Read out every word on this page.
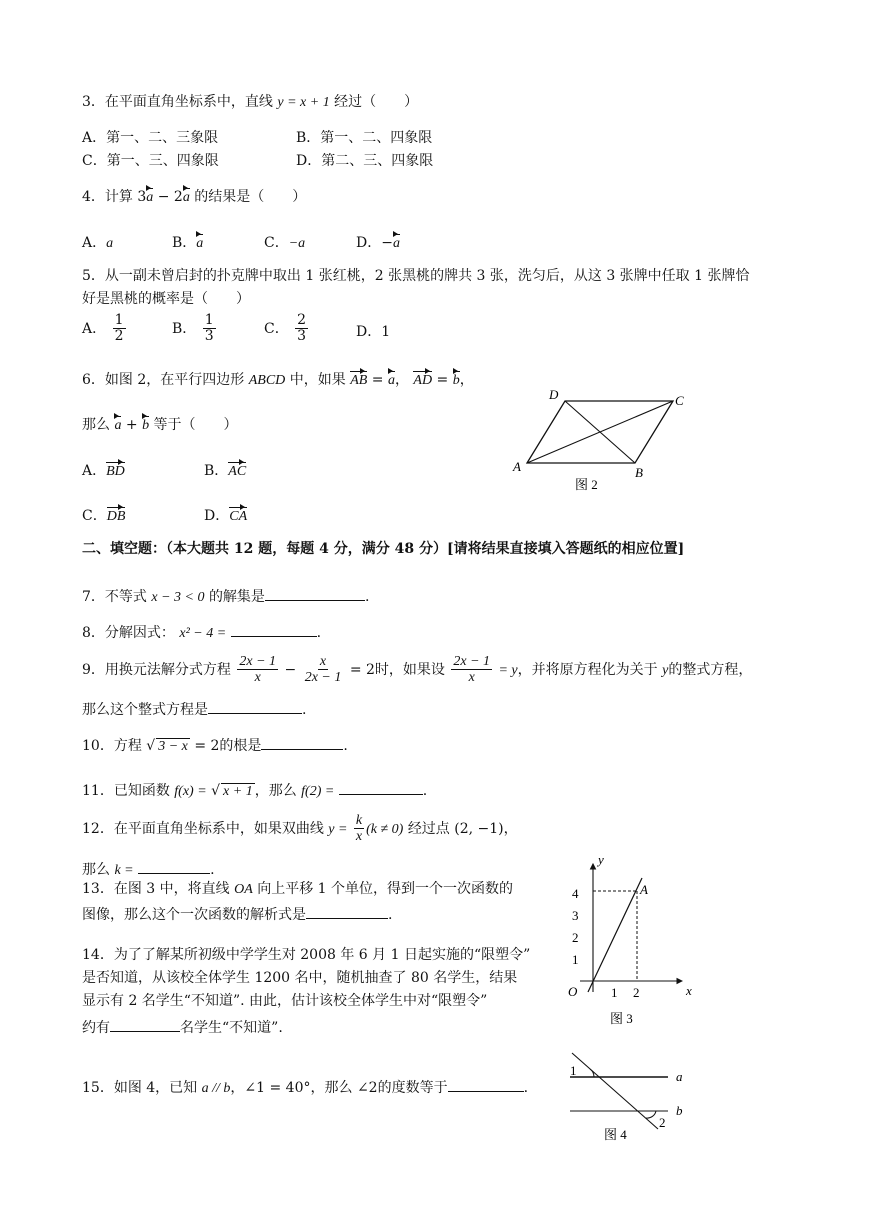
3．在平面直角坐标系中，直线 y = x + 1 经过（　　）
A．第一、二、三象限	B．第一、二、四象限
C．第一、三、四象限	D．第二、三、四象限
4．计算 3a − 2a 的结果是（　　）
A．a	B．a	C．−a	D．−a
5．从一副未曾启封的扑克牌中取出 1 张红桃，2 张黑桃的牌共 3 张，洗匀后，从这 3 张牌中任取 1 张牌恰
好是黑桃的概率是（　　）
A． $\frac{1}{2}$	B． $\frac{1}{3}$	C． $\frac{2}{3}$	D．1
6．如图 2，在平行四边形 ABCD 中，如果 AB = a， AD = b，
那么 a + b 等于（　　）
A．BD	B．AC
C．DB	D．CA
D	C
A	B
图 2
二、填空题：（本大题共 12 题，每题 4 分，满分 48 分）[请将结果直接填入答题纸的相应位置]
7．不等式 x − 3 < 0 的解集是	.
8．分解因式： x² − 4 =	.
9．用换元法解分式方程 $\frac{2x - 1}{x} - \frac{x}{2x - 1} = 2$时，如果设 $\frac{2x - 1}{x} = y$，并将原方程化为关于 y的整式方程，
那么这个整式方程是	.
10．方程 √ 3 − x = 2的根是	.
11．已知函数 f(x) = √ x + 1 ，那么 f(2) =	.
12．在平面直角坐标系中，如果双曲线 $y = \frac{k}{x} (k \ne 0)$ 经过点 (2, −1)，
那么 k =	.
13．在图 3 中，将直线 OA 向上平移 1 个单位，得到一个一次函数的
图像，那么这个一次函数的解析式是	.
y
x
O
A
4
3
2
1
1 2
图 3
14．为了了解某所初级中学学生对 2008 年 6 月 1 日起实施的“限塑令”
是否知道，从该校全体学生 1200 名中，随机抽查了 80 名学生，结果
显示有 2 名学生“不知道”. 由此，估计该校全体学生中对“限塑令”
约有	名学生“不知道”.
15．如图 4，已知 a // b，∠1 = 40°，那么 ∠2的度数等于	.
1
2
a
b
图 4
